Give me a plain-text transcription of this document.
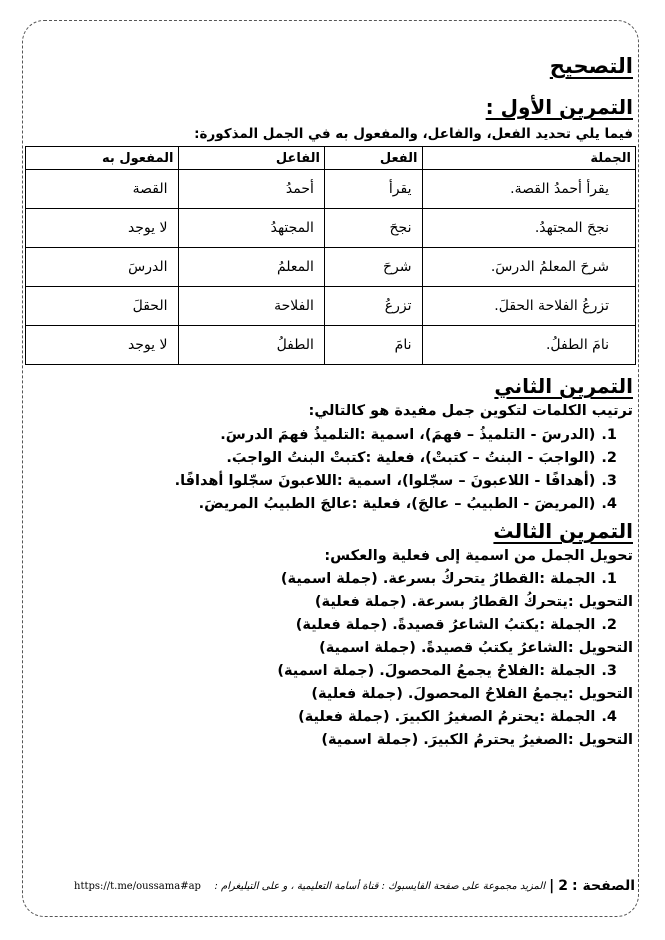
التصحيح
التمرين الأول :
فيما يلي تحديد الفعل، والفاعل، والمفعول به في الجمل المذكورة:
الجملة	الفعل	الفاعل	المفعول به
يقرأ أحمدُ القصة.	يقرأ	أحمدُ	القصة
نجحَ المجتهدُ.	نجحَ	المجتهدُ	لا يوجد
شرحَ المعلمُ الدرسَ.	شرحَ	المعلمُ	الدرسَ
تزرعُ الفلاحة الحقلَ.	تزرعُ	الفلاحة	الحقلَ
نامَ الطفلُ.	نامَ	الطفلُ	لا يوجد
التمرين الثاني
ترتيب الكلمات لتكوين جمل مفيدة هو كالتالي:
1.(الدرسَ - التلميذُ – فهمَ)، اسمية :التلميذُ فهمَ الدرسَ.
2.(الواجبَ - البنتُ – كتبتْ)، فعلية :كتبتْ البنتُ الواجبَ.
3.(أهدافًا - اللاعبونَ – سجّلوا)، اسمية :اللاعبونَ سجّلوا أهدافًا.
4.(المريضَ - الطبيبُ – عالجَ)، فعلية :عالجَ الطبيبُ المريضَ.
التمرين الثالث
تحويل الجمل من اسمية إلى فعلية والعكس:
1.الجملة :القطارُ يتحركُ بسرعة. (جملة اسمية)
التحويل :يتحركُ القطارُ بسرعة. (جملة فعلية)
2.الجملة :يكتبُ الشاعرُ قصيدةً. (جملة فعلية)
التحويل :الشاعرُ يكتبُ قصيدةً. (جملة اسمية)
3.الجملة :الفلاحُ يجمعُ المحصولَ. (جملة اسمية)
التحويل :يجمعُ الفلاحُ المحصولَ. (جملة فعلية)
4.الجملة :يحترمُ الصغيرُ الكبيرَ. (جملة فعلية)
التحويل :الصغيرُ يحترمُ الكبيرَ. (جملة اسمية)
الصفحة :
2
|
المزيد مجموعة على صفحة الفايسبوك : قناة أسامة التعليمية ، و على التيليغرام :
https://t.me/oussama#ap
